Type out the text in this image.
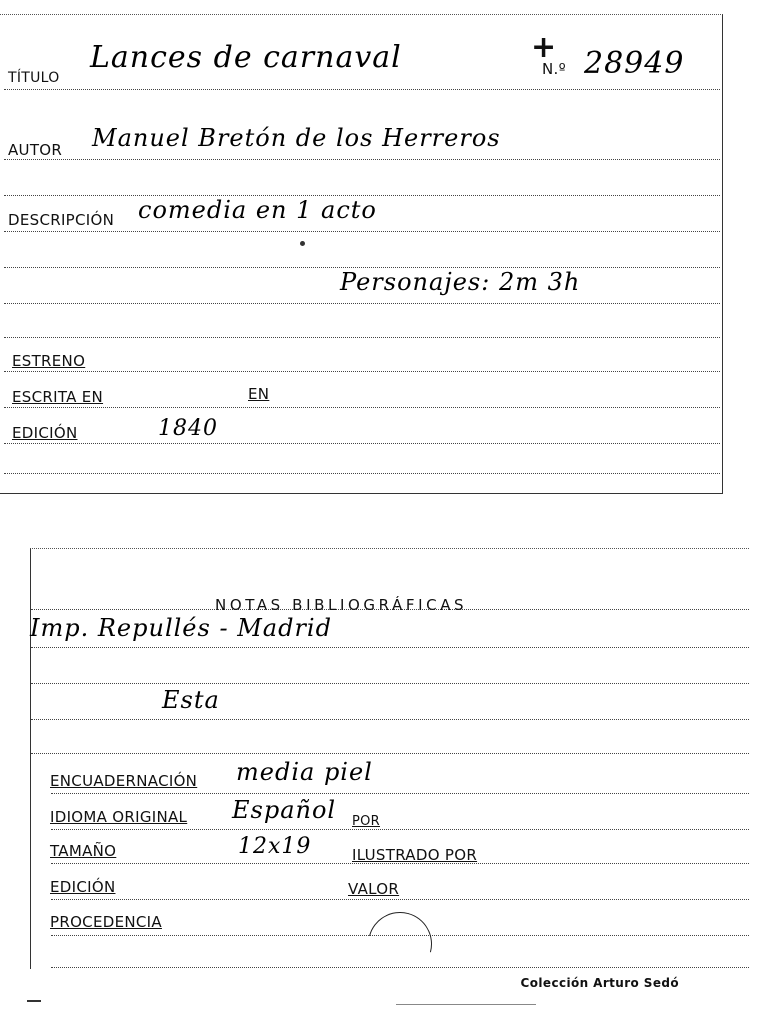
TÍTULO
Lances de carnaval	+
N.º 28949
AUTOR Manuel Bretón de los Herreros
DESCRIPCIÓN comedia en 1 acto
Personajes: 2m 3h
ESTRENO
ESCRITA EN	EN
EDICIÓN	1840
NOTAS BIBLIOGRÁFICAS
Imp. Repullés - Madrid
Esta
ENCUADERNACIÓN media piel
IDIOMA ORIGINAL Español POR
TAMAÑO	12x19	ILUSTRADO POR
EDICIÓN	VALOR
PROCEDENCIA
Colección Arturo Sedó
